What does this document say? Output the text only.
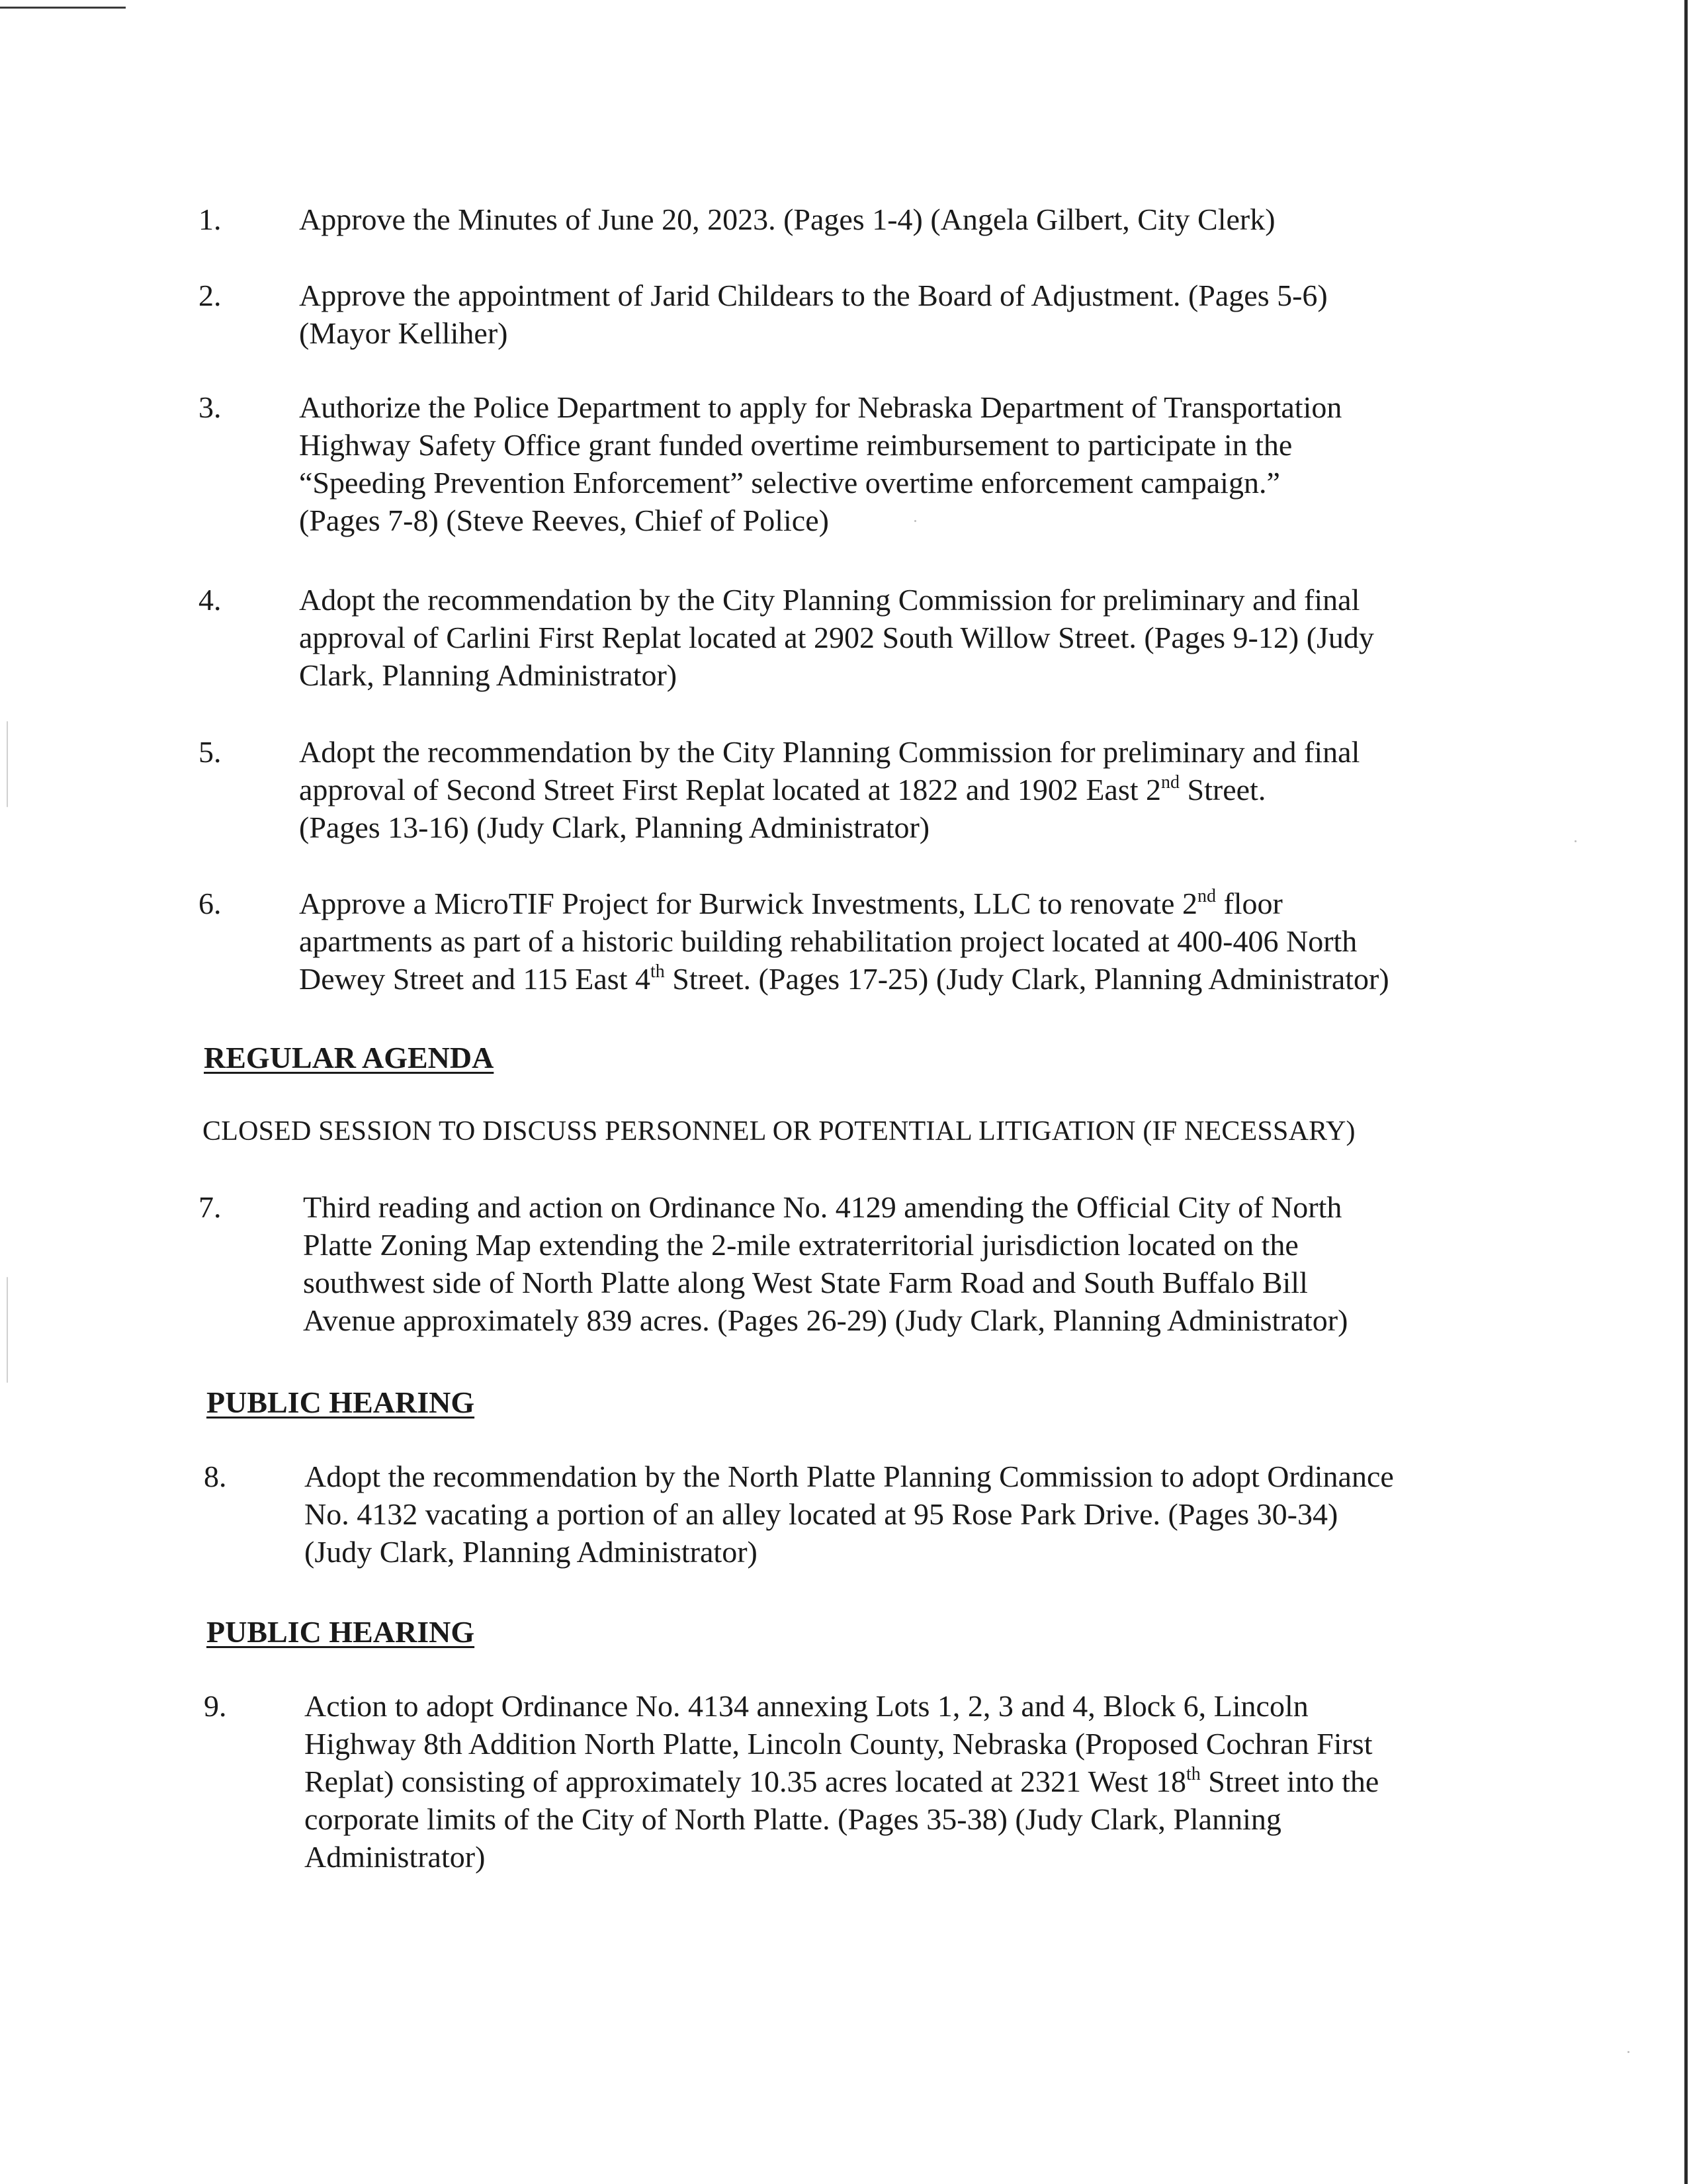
1.	Approve the Minutes of June 20, 2023. (Pages 1-4) (Angela Gilbert, City Clerk)
2.	Approve the appointment of Jarid Childears to the Board of Adjustment. (Pages 5-6)
(Mayor Kelliher)
3.	Authorize the Police Department to apply for Nebraska Department of Transportation
Highway Safety Office grant funded overtime reimbursement to participate in the
“Speeding Prevention Enforcement” selective overtime enforcement campaign.”
(Pages 7-8) (Steve Reeves, Chief of Police)
4.	Adopt the recommendation by the City Planning Commission for preliminary and final
approval of Carlini First Replat located at 2902 South Willow Street. (Pages 9-12) (Judy
Clark, Planning Administrator)
5.	Adopt the recommendation by the City Planning Commission for preliminary and final
approval of Second Street First Replat located at 1822 and 1902 East 2nd Street.
(Pages 13-16) (Judy Clark, Planning Administrator)
6.	Approve a MicroTIF Project for Burwick Investments, LLC to renovate 2nd floor
apartments as part of a historic building rehabilitation project located at 400-406 North
Dewey Street and 115 East 4th Street. (Pages 17-25) (Judy Clark, Planning Administrator)
REGULAR AGENDA
CLOSED SESSION TO DISCUSS PERSONNEL OR POTENTIAL LITIGATION (IF NECESSARY)
7.	Third reading and action on Ordinance No. 4129 amending the Official City of North
Platte Zoning Map extending the 2-mile extraterritorial jurisdiction located on the
southwest side of North Platte along West State Farm Road and South Buffalo Bill
Avenue approximately 839 acres. (Pages 26-29) (Judy Clark, Planning Administrator)
PUBLIC HEARING
8.	Adopt the recommendation by the North Platte Planning Commission to adopt Ordinance
No. 4132 vacating a portion of an alley located at 95 Rose Park Drive. (Pages 30-34)
(Judy Clark, Planning Administrator)
PUBLIC HEARING
9.	Action to adopt Ordinance No. 4134 annexing Lots 1, 2, 3 and 4, Block 6, Lincoln
Highway 8th Addition North Platte, Lincoln County, Nebraska (Proposed Cochran First
Replat) consisting of approximately 10.35 acres located at 2321 West 18th Street into the
corporate limits of the City of North Platte. (Pages 35-38) (Judy Clark, Planning
Administrator)
